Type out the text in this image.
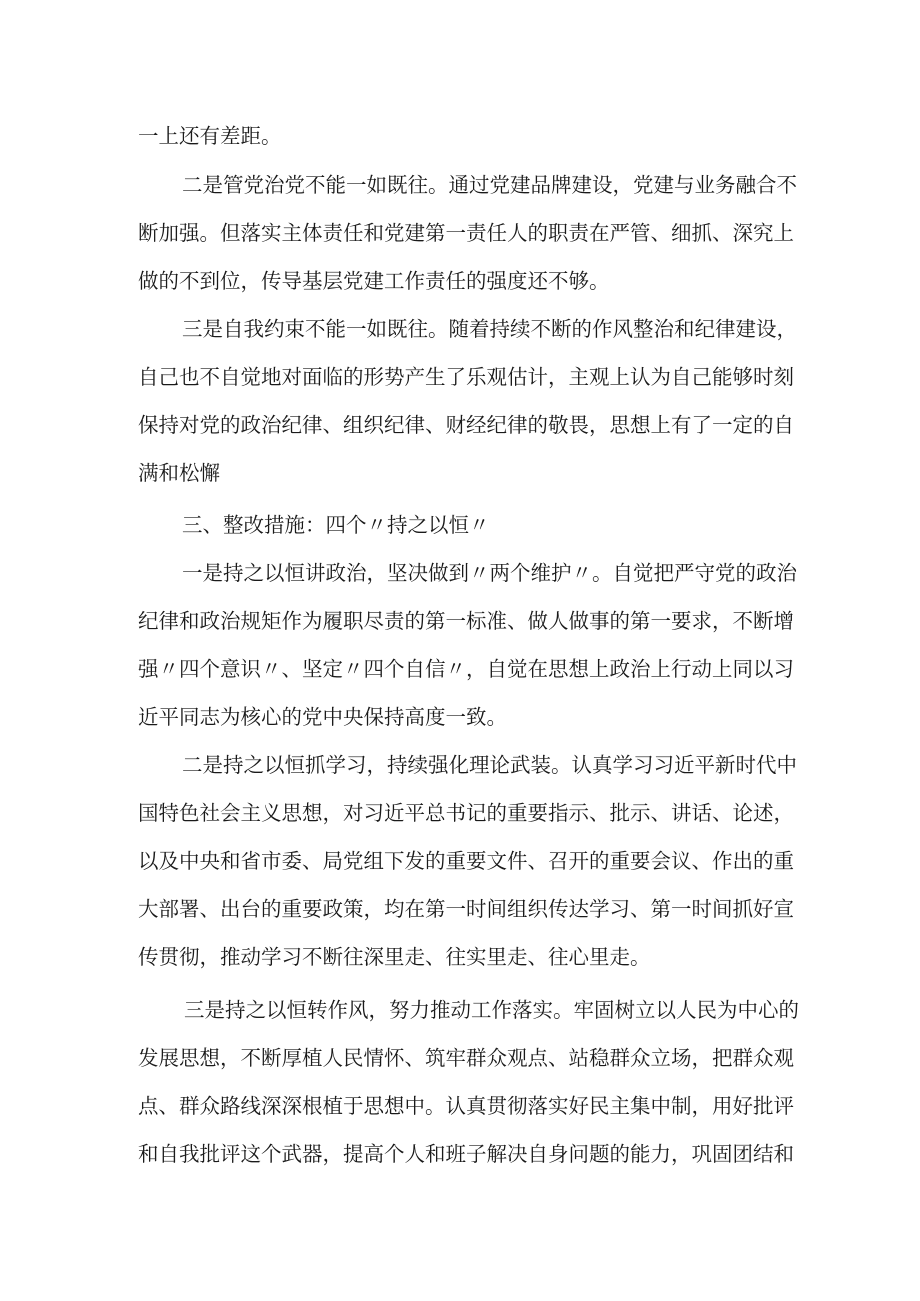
一上还有差距。
二是管党治党不能一如既往。通过党建品牌建设，党建与业务融合不
断加强。但落实主体责任和党建第一责任人的职责在严管、细抓、深究上
做的不到位，传导基层党建工作责任的强度还不够。
三是自我约束不能一如既往。随着持续不断的作风整治和纪律建设，
自己也不自觉地对面临的形势产生了乐观估计，主观上认为自己能够时刻
保持对党的政治纪律、组织纪律、财经纪律的敬畏，思想上有了一定的自
满和松懈
三、整改措施：四个〃持之以恒〃
一是持之以恒讲政治，坚决做到〃两个维护〃。自觉把严守党的政治
纪律和政治规矩作为履职尽责的第一标准、做人做事的第一要求，不断增
强〃四个意识〃、坚定〃四个自信〃，自觉在思想上政治上行动上同以习
近平同志为核心的党中央保持高度一致。
二是持之以恒抓学习，持续强化理论武装。认真学习习近平新时代中
国特色社会主义思想，对习近平总书记的重要指示、批示、讲话、论述，
以及中央和省市委、局党组下发的重要文件、召开的重要会议、作出的重
大部署、出台的重要政策，均在第一时间组织传达学习、第一时间抓好宣
传贯彻，推动学习不断往深里走、往实里走、往心里走。
三是持之以恒转作风，努力推动工作落实。牢固树立以人民为中心的
发展思想，不断厚植人民情怀、筑牢群众观点、站稳群众立场，把群众观
点、群众路线深深根植于思想中。认真贯彻落实好民主集中制，用好批评
和自我批评这个武器，提高个人和班子解决自身问题的能力，巩固团结和
